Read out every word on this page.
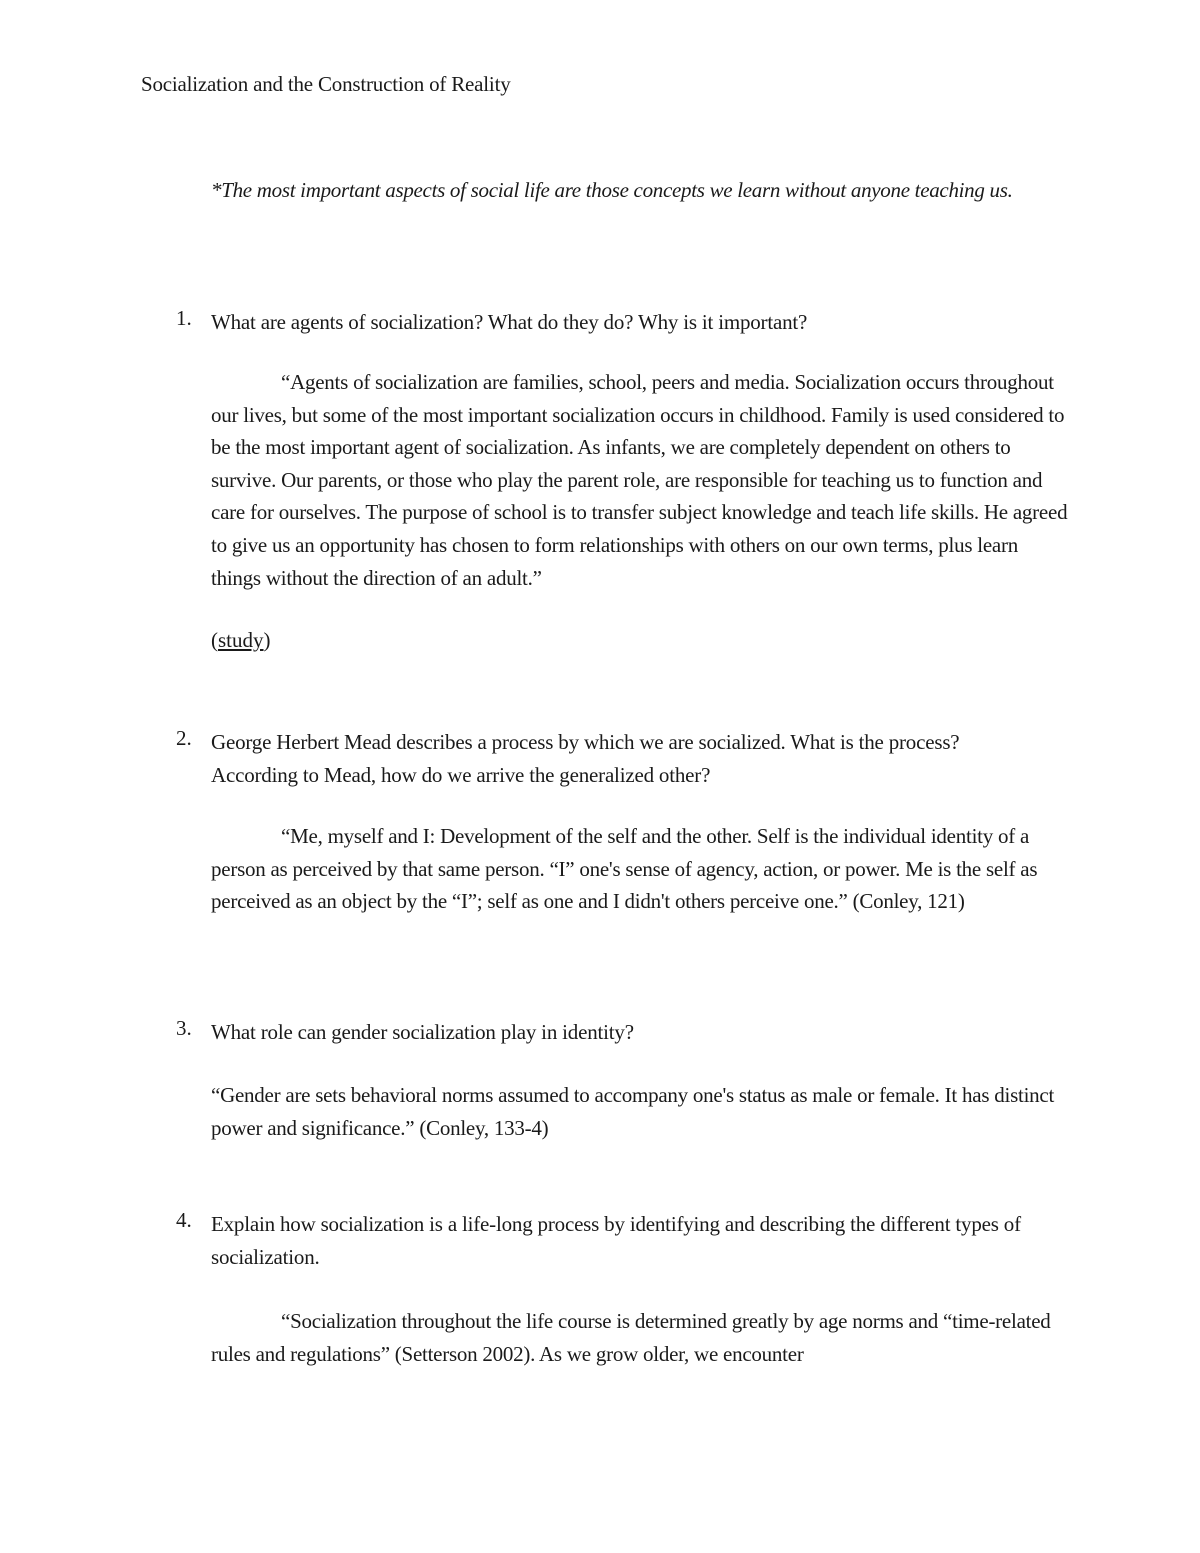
Socialization and the Construction of Reality
*The most important aspects of social life are those concepts we learn without anyone teaching us.
1. What are agents of socialization? What do they do? Why is it important?
“Agents of socialization are families, school, peers and media. Socialization occurs throughout our lives, but some of the most important socialization occurs in childhood. Family is used considered to be the most important agent of socialization. As infants, we are completely dependent on others to survive. Our parents, or those who play the parent role, are responsible for teaching us to function and care for ourselves. The purpose of school is to transfer subject knowledge and teach life skills. He agreed to give us an opportunity has chosen to form relationships with others on our own terms, plus learn things without the direction of an adult.”
(study)
2. George Herbert Mead describes a process by which we are socialized. What is the process? According to Mead, how do we arrive the generalized other?
“Me, myself and I: Development of the self and the other. Self is the individual identity of a person as perceived by that same person. “I” one's sense of agency, action, or power. Me is the self as perceived as an object by the “I”; self as one and I didn't others perceive one.” (Conley, 121)
3. What role can gender socialization play in identity?
“Gender are sets behavioral norms assumed to accompany one's status as male or female. It has distinct power and significance.” (Conley, 133-4)
4. Explain how socialization is a life-long process by identifying and describing the different types of socialization.
“Socialization throughout the life course is determined greatly by age norms and “time-related rules and regulations” (Setterson 2002). As we grow older, we encounter
